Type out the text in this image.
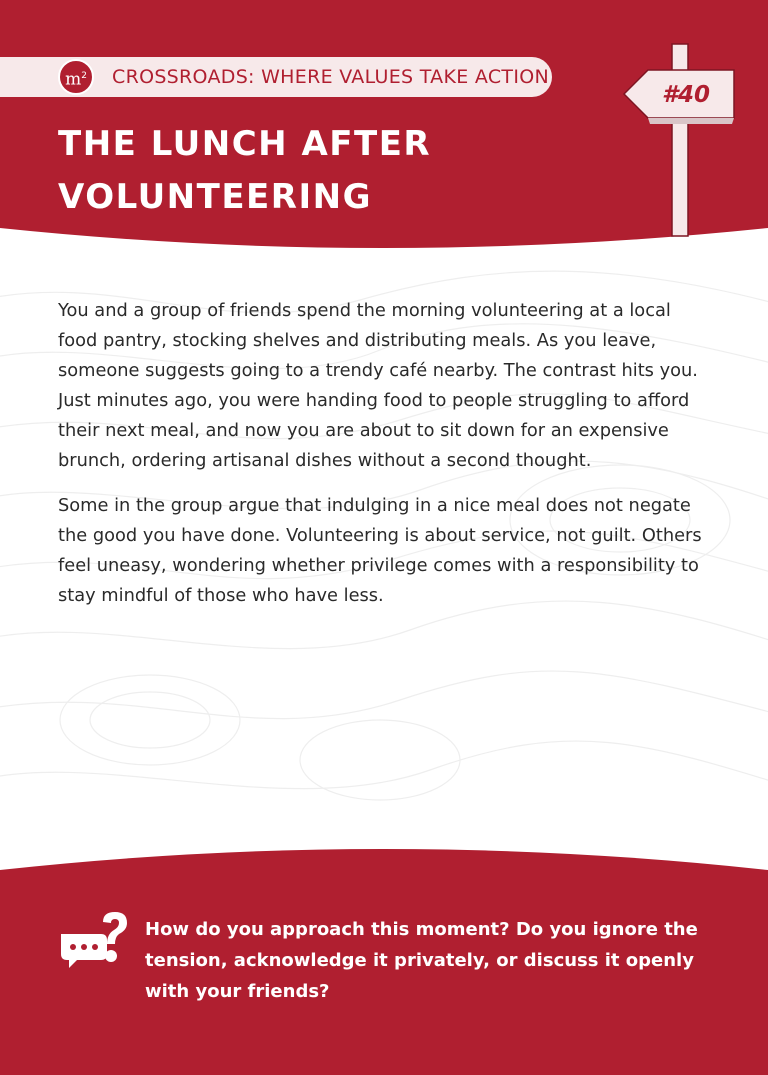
$m^2$	CROSSROADS: WHERE VALUES TAKE ACTION
THE LUNCH AFTER VOLUNTEERING
#40

You and a group of friends spend the morning volunteering at a local food pantry, stocking shelves and distributing meals. As you leave, someone suggests going to a trendy café nearby. The contrast hits you. Just minutes ago, you were handing food to people struggling to afford their next meal, and now you are about to sit down for an expensive brunch, ordering artisanal dishes without a second thought.

Some in the group argue that indulging in a nice meal does not negate the good you have done. Volunteering is about service, not guilt. Others feel uneasy, wondering whether privilege comes with a responsibility to stay mindful of those who have less.

How do you approach this moment? Do you ignore the tension, acknowledge it privately, or discuss it openly with your friends?
